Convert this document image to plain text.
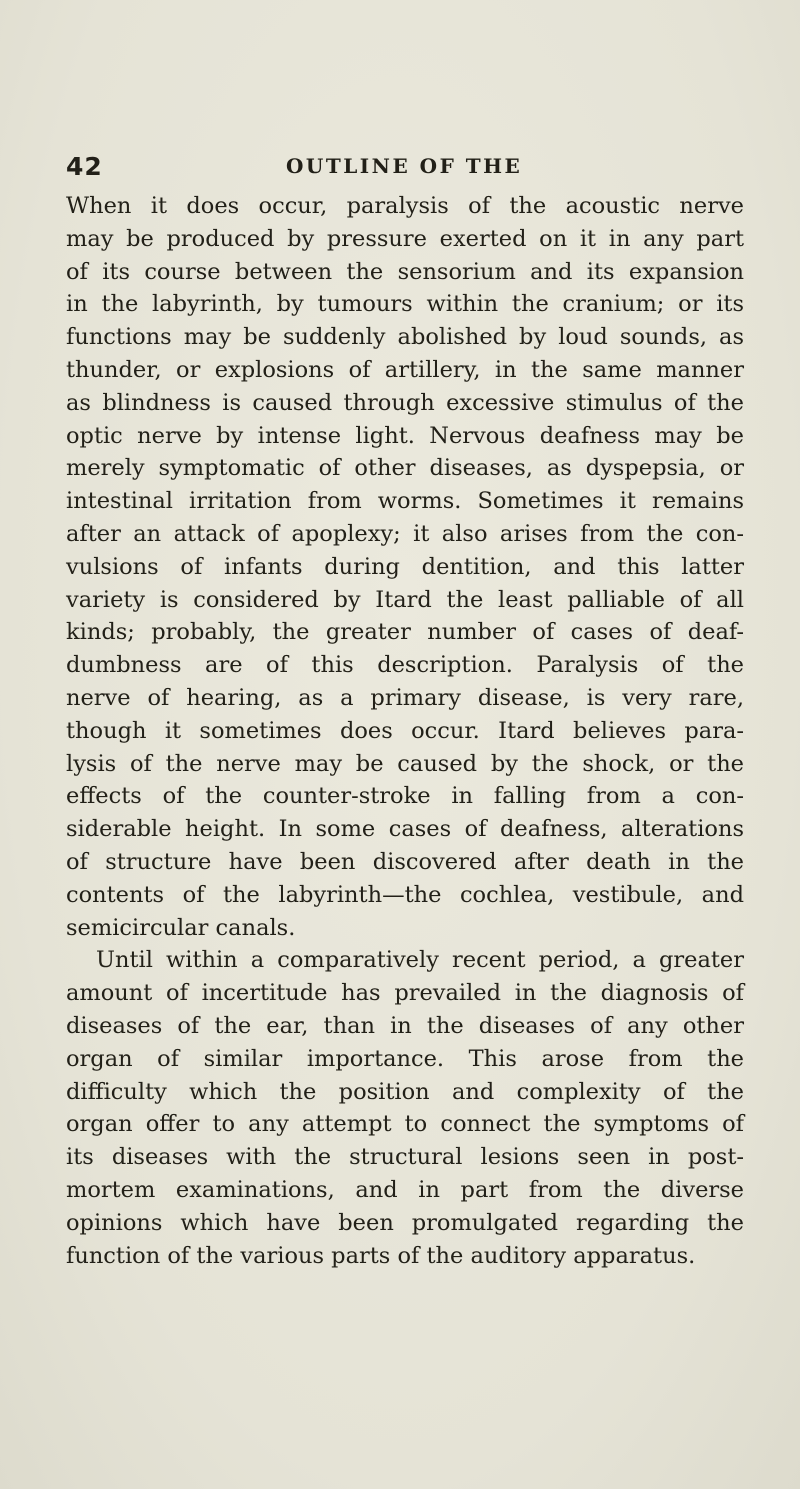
42	OUTLINE OF THE
When it does occur, paralysis of the acoustic nerve
may be produced by pressure exerted on it in any part
of its course between the sensorium and its expansion
in the labyrinth, by tumours within the cranium; or its
functions may be suddenly abolished by loud sounds, as
thunder, or explosions of artillery, in the same manner
as blindness is caused through excessive stimulus of the
optic nerve by intense light. Nervous deafness may be
merely symptomatic of other diseases, as dyspepsia, or
intestinal irritation from worms. Sometimes it remains
after an attack of apoplexy; it also arises from the con-
vulsions of infants during dentition, and this latter
variety is considered by Itard the least palliable of all
kinds; probably, the greater number of cases of deaf-
dumbness are of this description. Paralysis of the
nerve of hearing, as a primary disease, is very rare,
though it sometimes does occur. Itard believes para-
lysis of the nerve may be caused by the shock, or the
effects of the counter-stroke in falling from a con-
siderable height. In some cases of deafness, alterations
of structure have been discovered after death in the
contents of the labyrinth—the cochlea, vestibule, and
semicircular canals.
Until within a comparatively recent period, a greater
amount of incertitude has prevailed in the diagnosis of
diseases of the ear, than in the diseases of any other
organ of similar importance. This arose from the
difficulty which the position and complexity of the
organ offer to any attempt to connect the symptoms of
its diseases with the structural lesions seen in post-
mortem examinations, and in part from the diverse
opinions which have been promulgated regarding the
function of the various parts of the auditory apparatus.
